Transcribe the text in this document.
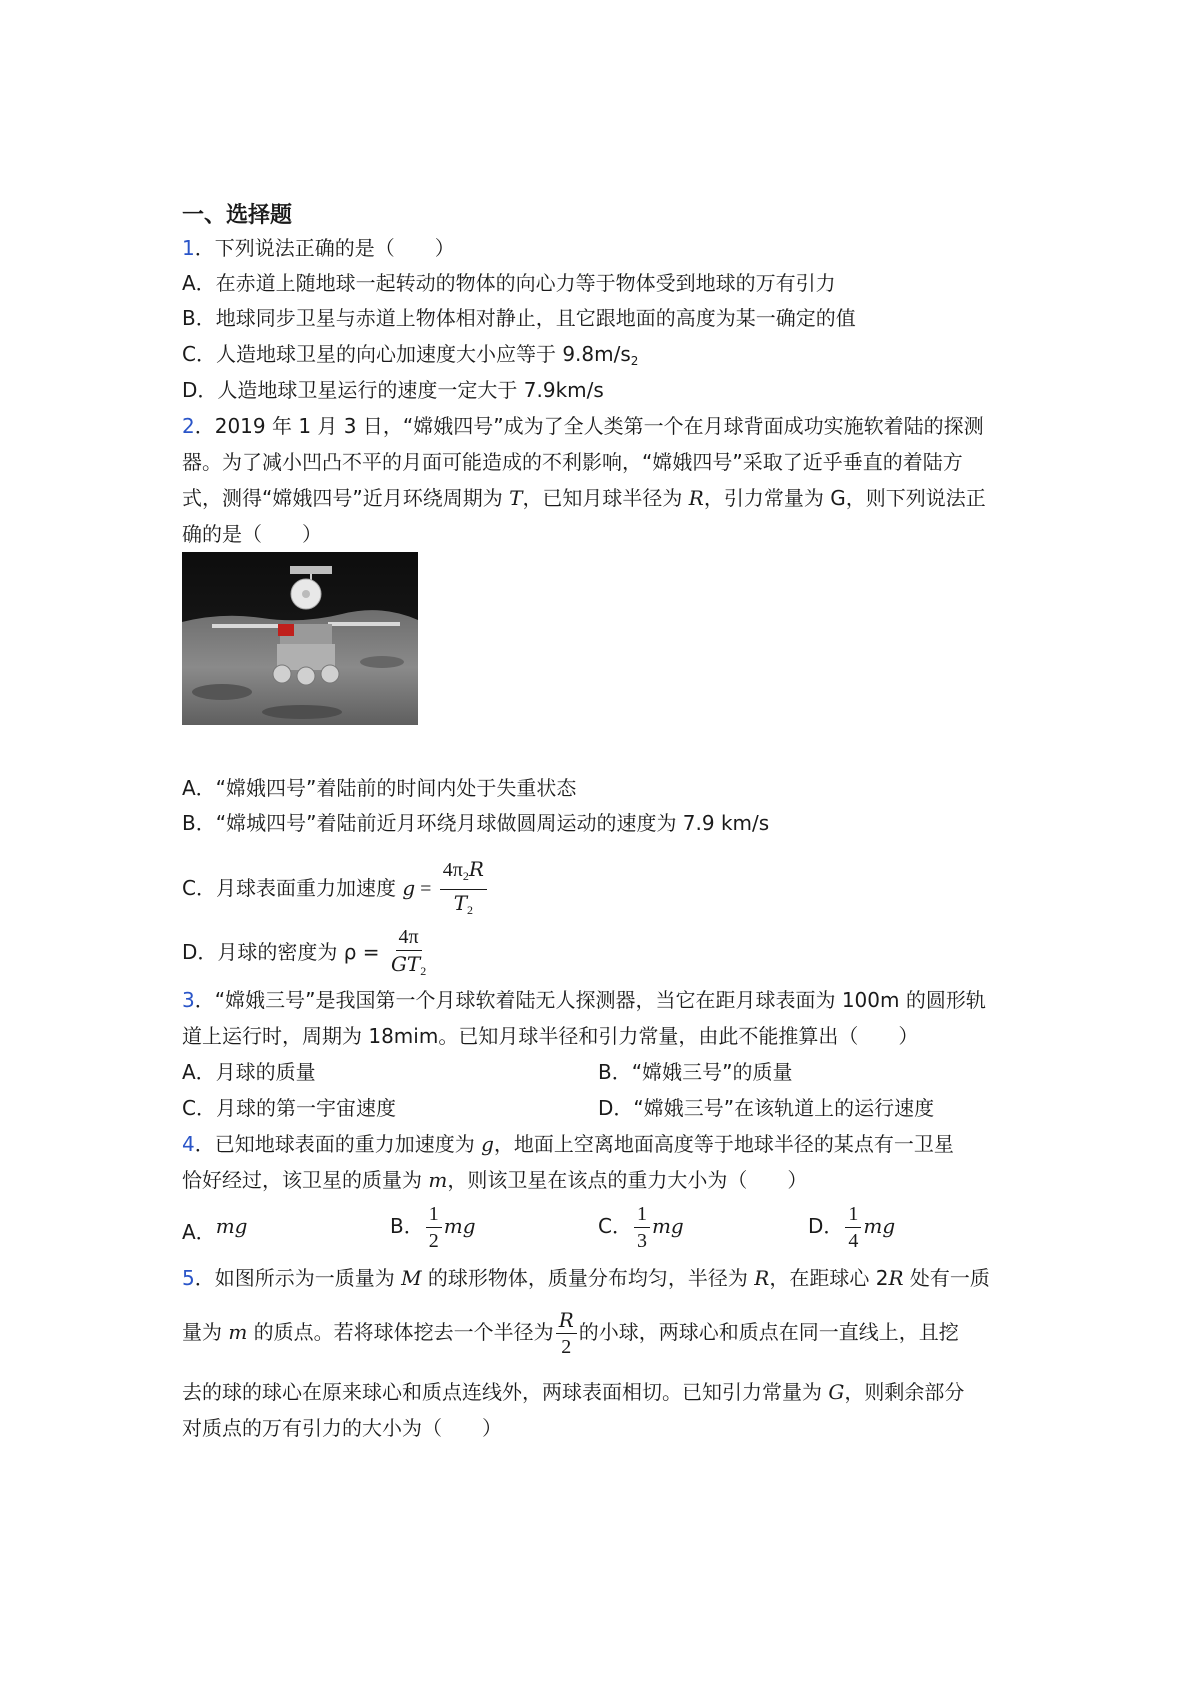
一、选择题
1．下列说法正确的是（　　）
A．在赤道上随地球一起转动的物体的向心力等于物体受到地球的万有引力
B．地球同步卫星与赤道上物体相对静止，且它跟地面的高度为某一确定的值
C．人造地球卫星的向心加速度大小应等于 $9.8m/s_2$
D．人造地球卫星运行的速度一定大于 7.9km/s
2．2019 年 1 月 3 日，“嫦娥四号”成为了全人类第一个在月球背面成功实施软着陆的探测
器。为了减小凹凸不平的月面可能造成的不利影响，“嫦娥四号”采取了近乎垂直的着陆方
式，测得“嫦娥四号”近月环绕周期为 T，已知月球半径为 R，引力常量为 G，则下列说法正
确的是（　　）
A．“嫦娥四号”着陆前的时间内处于失重状态
B．“嫦城四号”着陆前近月环绕月球做圆周运动的速度为 7.9 km/s
C．月球表面重力加速度 $g = \frac{4\pi_2R}{T_2}$
D．月球的密度为 $\rho = \frac{4\pi}{GT_2}$
3．“嫦娥三号”是我国第一个月球软着陆无人探测器，当它在距月球表面为 100m 的圆形轨
道上运行时，周期为 18mim。已知月球半径和引力常量，由此不能推算出（　　）
A．月球的质量	B．“嫦娥三号”的质量
C．月球的第一宇宙速度	D．“嫦娥三号”在该轨道上的运行速度
4．已知地球表面的重力加速度为 g，地面上空离地面高度等于地球半径的某点有一卫星
恰好经过，该卫星的质量为 m，则该卫星在该点的重力大小为（　　）
A．mg	B． $\frac{1}{2}$ mg	C． $\frac{1}{3}$ mg	D． $\frac{1}{4}$ mg
5．如图所示为一质量为 M 的球形物体，质量分布均匀，半径为 R，在距球心 2R 处有一质
量为 m 的质点。若将球体挖去一个半径为 $\frac{R}{2}$ 的小球，两球心和质点在同一直线上，且挖
去的球的球心在原来球心和质点连线外，两球表面相切。已知引力常量为 G，则剩余部分
对质点的万有引力的大小为（　　）
